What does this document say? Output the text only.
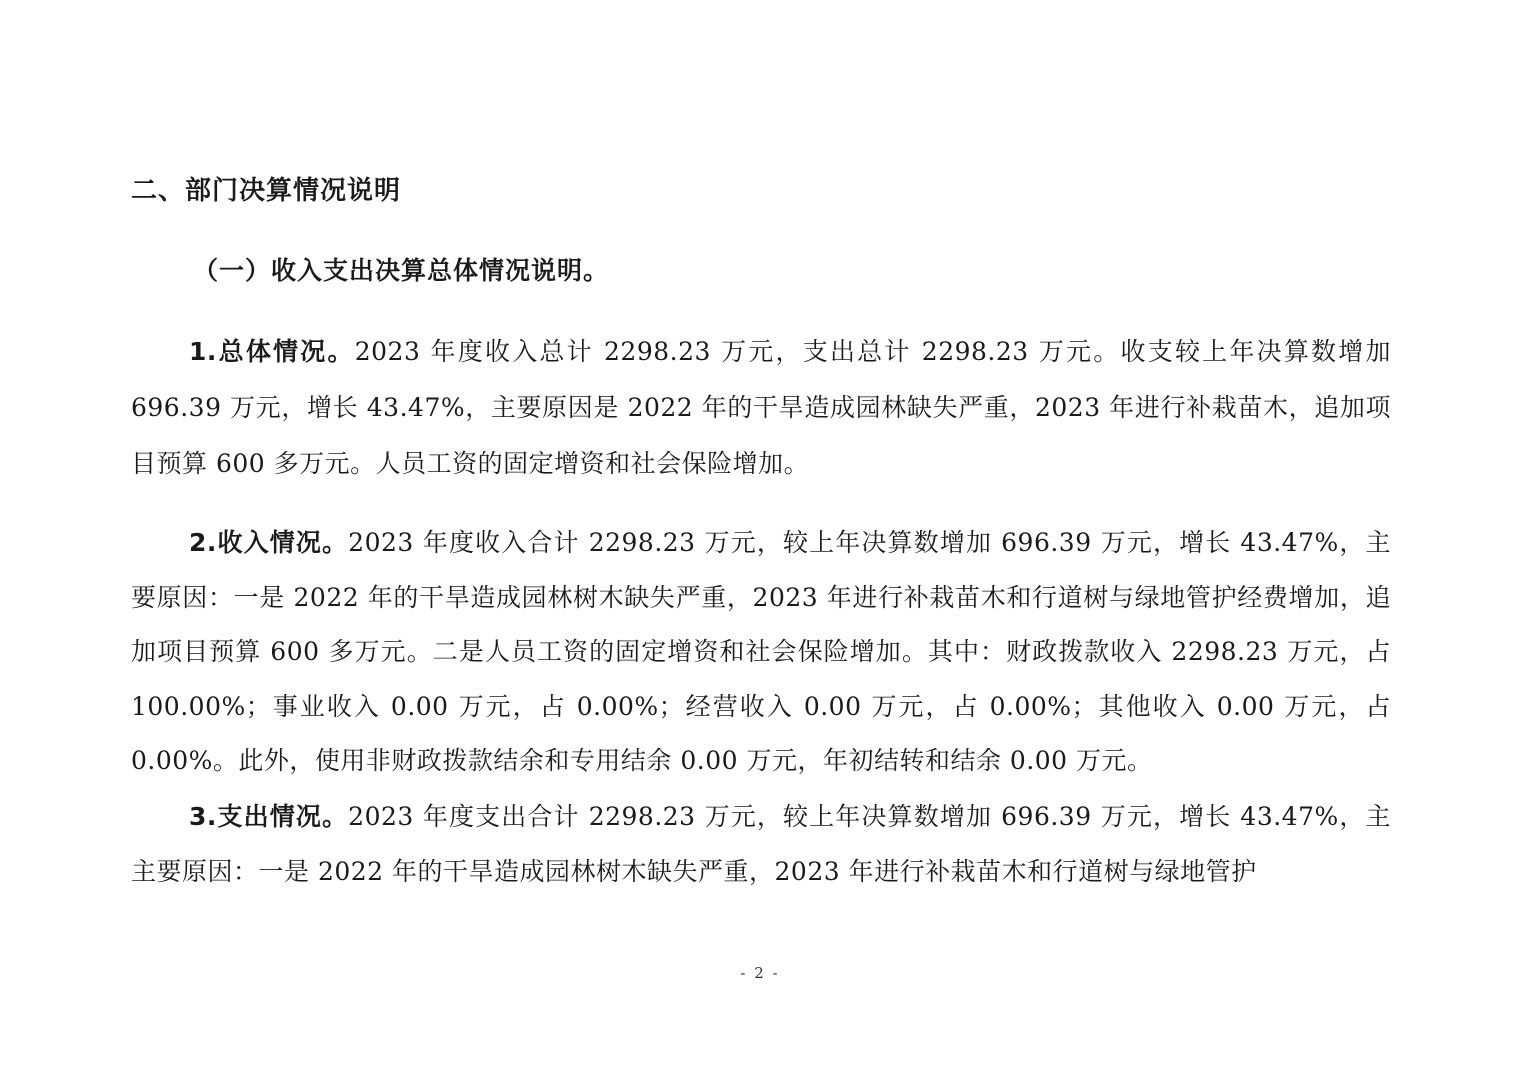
二、部门决算情况说明
（一）收入支出决算总体情况说明。

1.总体情况。2023 年度收入总计 2298.23 万元，支出总计 2298.23 万元。收支较上年决算数增加 696.39 万元，增长 43.47%，主要原因是 2022 年的干旱造成园林缺失严重，2023 年进行补栽苗木，追加项目预算 600 多万元。人员工资的固定增资和社会保险增加。

2.收入情况。2023 年度收入合计 2298.23 万元，较上年决算数增加 696.39 万元，增长 43.47%，主要原因：一是 2022 年的干旱造成园林树木缺失严重，2023 年进行补栽苗木和行道树与绿地管护经费增加，追加项目预算 600 多万元。二是人员工资的固定增资和社会保险增加。其中：财政拨款收入 2298.23 万元，占 100.00%；事业收入 0.00 万元，占 0.00%；经营收入 0.00 万元，占 0.00%；其他收入 0.00 万元，占 0.00%。此外，使用非财政拨款结余和专用结余 0.00 万元，年初结转和结余 0.00 万元。

3.支出情况。2023 年度支出合计 2298.23 万元，较上年决算数增加 696.39 万元，增长 43.47%，主主要原因：一是 2022 年的干旱造成园林树木缺失严重，2023 年进行补栽苗木和行道树与绿地管护

- 2 -
